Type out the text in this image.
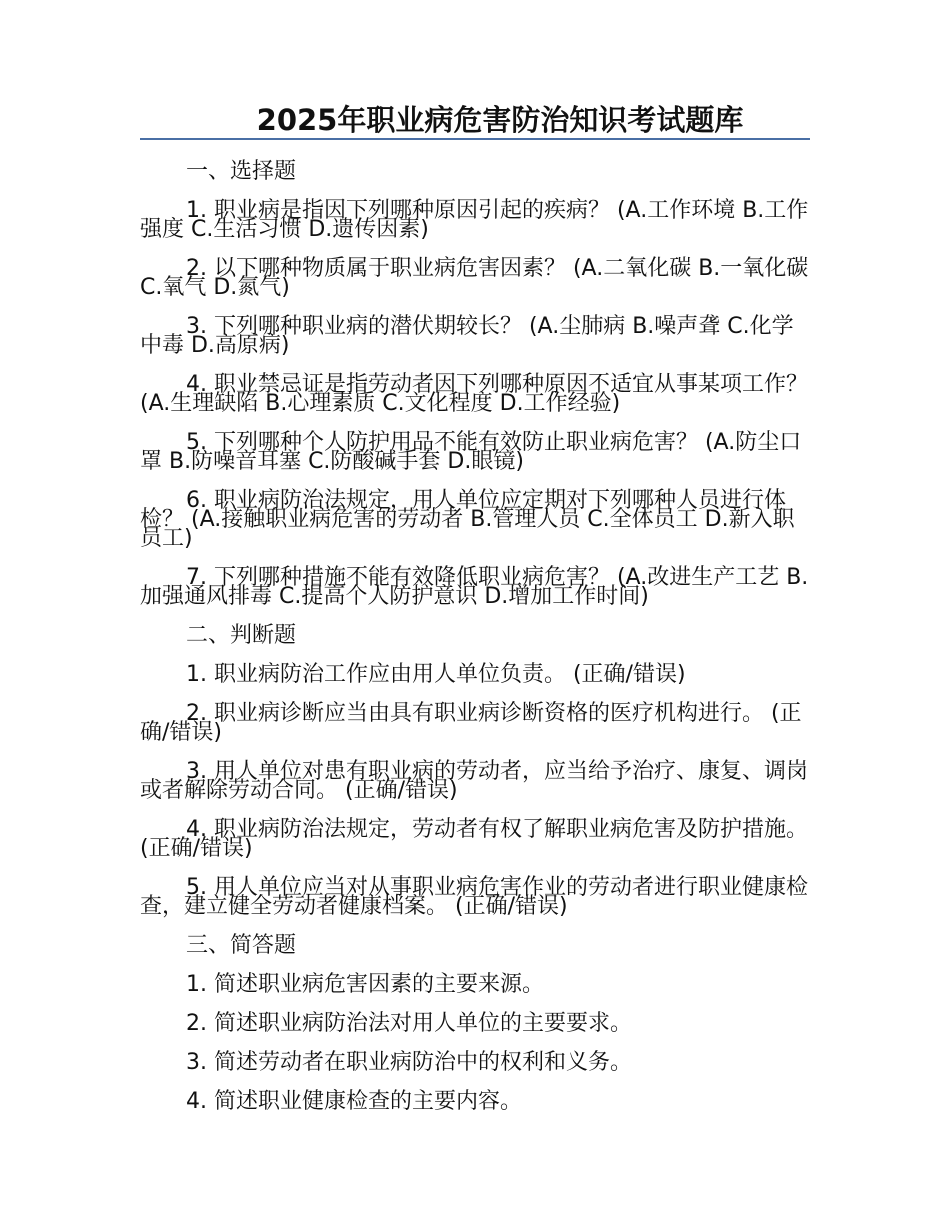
2025年职业病危害防治知识考试题库

一、选择题

1. 职业病是指因下列哪种原因引起的疾病？ (A.工作环境 B.工作强度 C.生活习惯 D.遗传因素)

2. 以下哪种物质属于职业病危害因素？ (A.二氧化碳 B.一氧化碳 C.氧气 D.氮气)

3. 下列哪种职业病的潜伏期较长？ (A.尘肺病 B.噪声聋 C.化学中毒 D.高原病)

4. 职业禁忌证是指劳动者因下列哪种原因不适宜从事某项工作？ (A.生理缺陷 B.心理素质 C.文化程度 D.工作经验)

5. 下列哪种个人防护用品不能有效防止职业病危害？ (A.防尘口罩 B.防噪音耳塞 C.防酸碱手套 D.眼镜)

6. 职业病防治法规定，用人单位应定期对下列哪种人员进行体检？ (A.接触职业病危害的劳动者 B.管理人员 C.全体员工 D.新入职员工)

7. 下列哪种措施不能有效降低职业病危害？ (A.改进生产工艺 B.加强通风排毒 C.提高个人防护意识 D.增加工作时间)

二、判断题

1. 职业病防治工作应由用人单位负责。 (正确/错误)

2. 职业病诊断应当由具有职业病诊断资格的医疗机构进行。 (正确/错误)

3. 用人单位对患有职业病的劳动者，应当给予治疗、康复、调岗或者解除劳动合同。 (正确/错误)

4. 职业病防治法规定，劳动者有权了解职业病危害及防护措施。 (正确/错误)

5. 用人单位应当对从事职业病危害作业的劳动者进行职业健康检查，建立健全劳动者健康档案。 (正确/错误)

三、简答题

1. 简述职业病危害因素的主要来源。

2. 简述职业病防治法对用人单位的主要要求。

3. 简述劳动者在职业病防治中的权利和义务。

4. 简述职业健康检查的主要内容。
